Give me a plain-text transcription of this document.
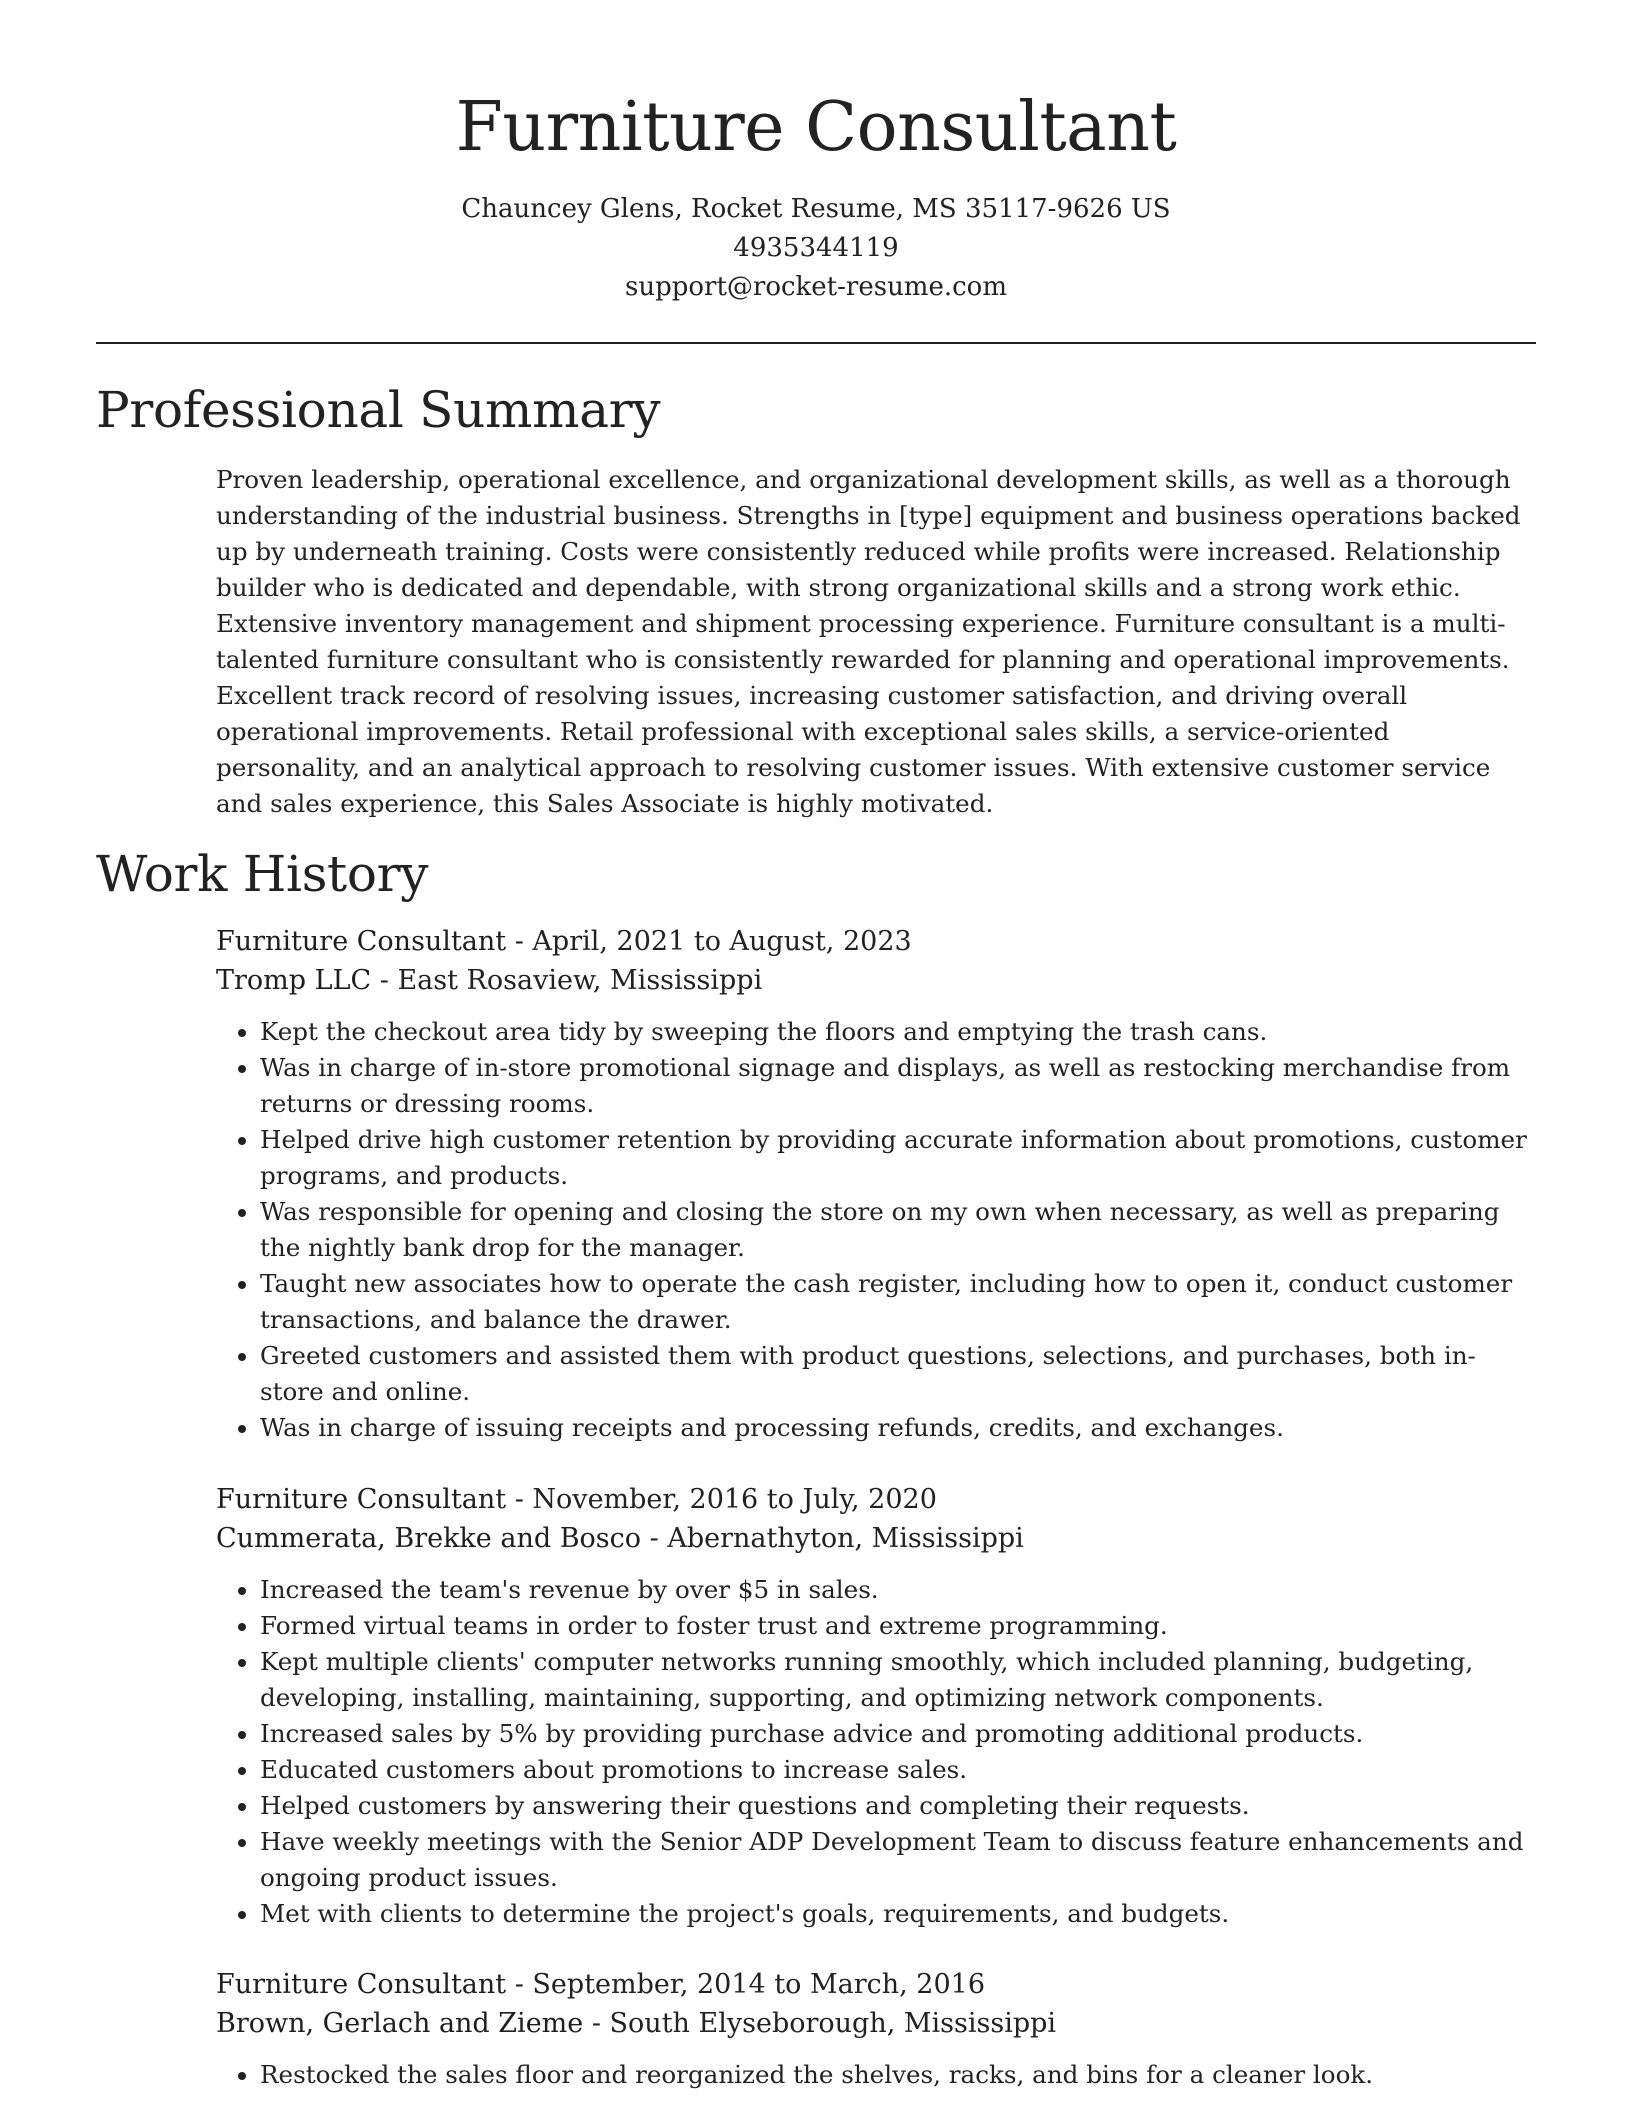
Furniture Consultant
Chauncey Glens, Rocket Resume, MS 35117-9626 US
4935344119
support@rocket-resume.com
Professional Summary

Proven leadership, operational excellence, and organizational development skills, as well as a thorough understanding of the industrial business. Strengths in [type] equipment and business operations backed up by underneath training. Costs were consistently reduced while profits were increased. Relationship builder who is dedicated and dependable, with strong organizational skills and a strong work ethic. Extensive inventory management and shipment processing experience. Furniture consultant is a multi-talented furniture consultant who is consistently rewarded for planning and operational improvements. Excellent track record of resolving issues, increasing customer satisfaction, and driving overall operational improvements. Retail professional with exceptional sales skills, a service-oriented personality, and an analytical approach to resolving customer issues. With extensive customer service and sales experience, this Sales Associate is highly motivated.

Work History
Furniture Consultant - April, 2021 to August, 2023
Tromp LLC - East Rosaview, Mississippi
• Kept the checkout area tidy by sweeping the floors and emptying the trash cans.
• Was in charge of in-store promotional signage and displays, as well as restocking merchandise from returns or dressing rooms.
• Helped drive high customer retention by providing accurate information about promotions, customer programs, and products.
• Was responsible for opening and closing the store on my own when necessary, as well as preparing the nightly bank drop for the manager.
• Taught new associates how to operate the cash register, including how to open it, conduct customer transactions, and balance the drawer.
• Greeted customers and assisted them with product questions, selections, and purchases, both in-store and online.
• Was in charge of issuing receipts and processing refunds, credits, and exchanges.
Furniture Consultant - November, 2016 to July, 2020
Cummerata, Brekke and Bosco - Abernathyton, Mississippi
• Increased the team's revenue by over $5 in sales.
• Formed virtual teams in order to foster trust and extreme programming.
• Kept multiple clients' computer networks running smoothly, which included planning, budgeting, developing, installing, maintaining, supporting, and optimizing network components.
• Increased sales by 5% by providing purchase advice and promoting additional products.
• Educated customers about promotions to increase sales.
• Helped customers by answering their questions and completing their requests.
• Have weekly meetings with the Senior ADP Development Team to discuss feature enhancements and ongoing product issues.
• Met with clients to determine the project's goals, requirements, and budgets.
Furniture Consultant - September, 2014 to March, 2016
Brown, Gerlach and Zieme - South Elyseborough, Mississippi
• Restocked the sales floor and reorganized the shelves, racks, and bins for a cleaner look.
